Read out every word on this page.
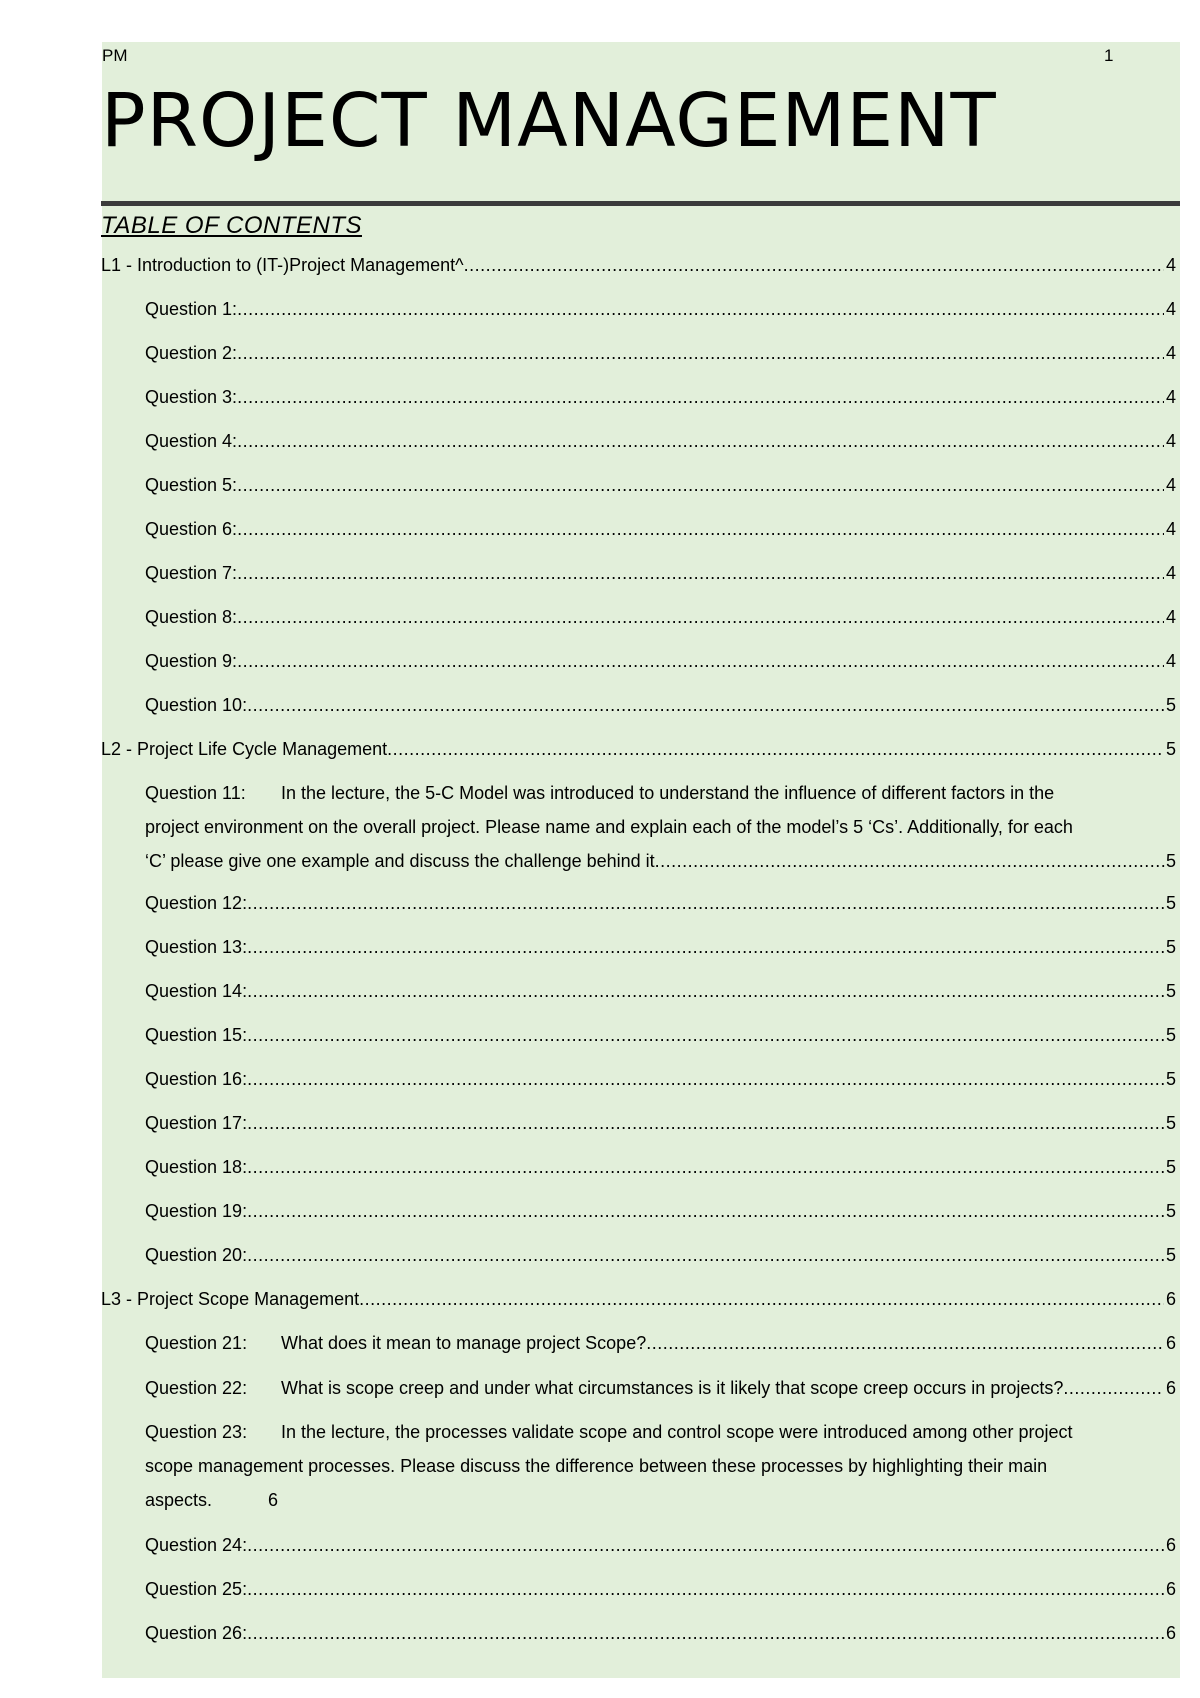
PM	1
PROJECT MANAGEMENT
TABLE OF CONTENTS
L1 - Introduction to (IT-)Project Management^ .....	4
Question 1: .....	4
Question 2: .....	4
Question 3: .....	4
Question 4: .....	4
Question 5: .....	4
Question 6: .....	4
Question 7: .....	4
Question 8: .....	4
Question 9: .....	4
Question 10: .....	5
L2 - Project Life Cycle Management .....	5
Question 11: In the lecture, the 5-C Model was introduced to understand the influence of different factors in the
project environment on the overall project. Please name and explain each of the model’s 5 ‘Cs’. Additionally, for each
‘C’ please give one example and discuss the challenge behind it .....	5
Question 12: .....	5
Question 13: .....	5
Question 14: .....	5
Question 15: .....	5
Question 16: .....	5
Question 17: .....	5
Question 18: .....	5
Question 19: .....	5
Question 20: .....	5
L3 - Project Scope Management .....	6
Question 21:	What does it mean to manage project Scope? .....	6
Question 22:	What is scope creep and under what circumstances is it likely that scope creep occurs in projects? .....	6
Question 23: In the lecture, the processes validate scope and control scope were introduced among other project
scope management processes. Please discuss the difference between these processes by highlighting their main
aspects.	6
Question 24: .....	6
Question 25: .....	6
Question 26: .....	6
